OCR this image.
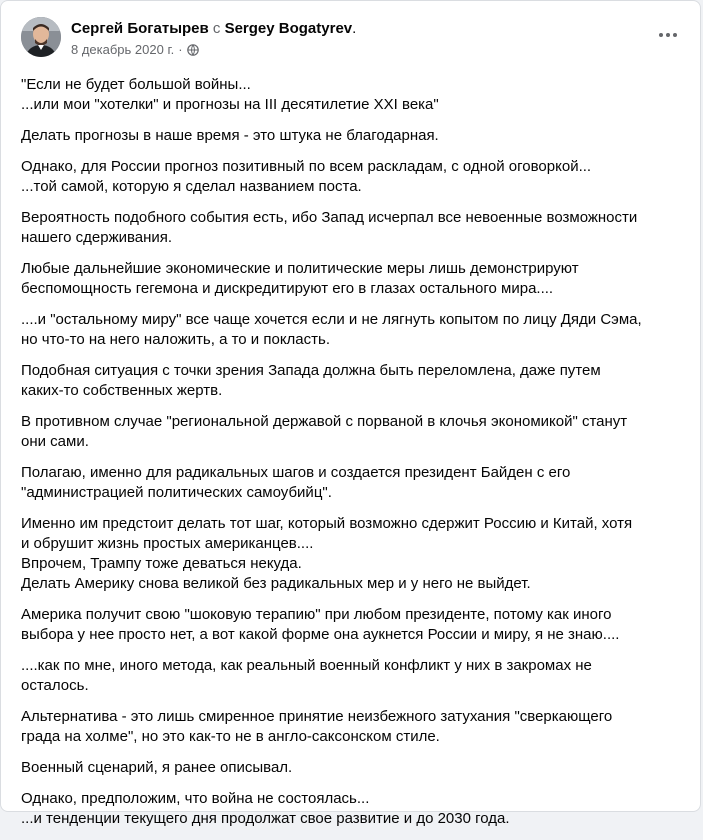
Сергей Богатырев с Sergey Bogatyrev.
8 декабрь 2020 г. ·

"Если не будет большой войны...
...или мои "хотелки" и прогнозы на III десятилетие XXI века"

Делать прогнозы в наше время - это штука не благодарная.

Однако, для России прогноз позитивный по всем раскладам, с одной оговоркой...
...той самой, которую я сделал названием поста.

Вероятность подобного события есть, ибо Запад исчерпал все невоенные возможности
нашего сдерживания.

Любые дальнейшие экономические и политические меры лишь демонстрируют
беспомощность гегемона и дискредитируют его в глазах остального мира....

....и "остальному миру" все чаще хочется если и не лягнуть копытом по лицу Дяди Сэма,
но что-то на него наложить, а то и покласть.

Подобная ситуация с точки зрения Запада должна быть переломлена, даже путем
каких-то собственных жертв.

В противном случае "региональной державой с порваной в клочья экономикой" станут
они сами.

Полагаю, именно для радикальных шагов и создается президент Байден с его
"администрацией политических самоубийц".

Именно им предстоит делать тот шаг, который возможно сдержит Россию и Китай, хотя
и обрушит жизнь простых американцев....
Впрочем, Трампу тоже деваться некуда.
Делать Америку снова великой без радикальных мер и у него не выйдет.

Америка получит свою "шоковую терапию" при любом президенте, потому как иного
выбора у нее просто нет, а вот какой форме она аукнется России и миру, я не знаю....

....как по мне, иного метода, как реальный военный конфликт у них в закромах не
осталось.

Альтернатива - это лишь смиренное принятие неизбежного затухания "сверкающего
града на холме", но это как-то не в англо-саксонском стиле.

Военный сценарий, я ранее описывал.

Однако, предположим, что война не состоялась...
...и тенденции текущего дня продолжат свое развитие и до 2030 года.
